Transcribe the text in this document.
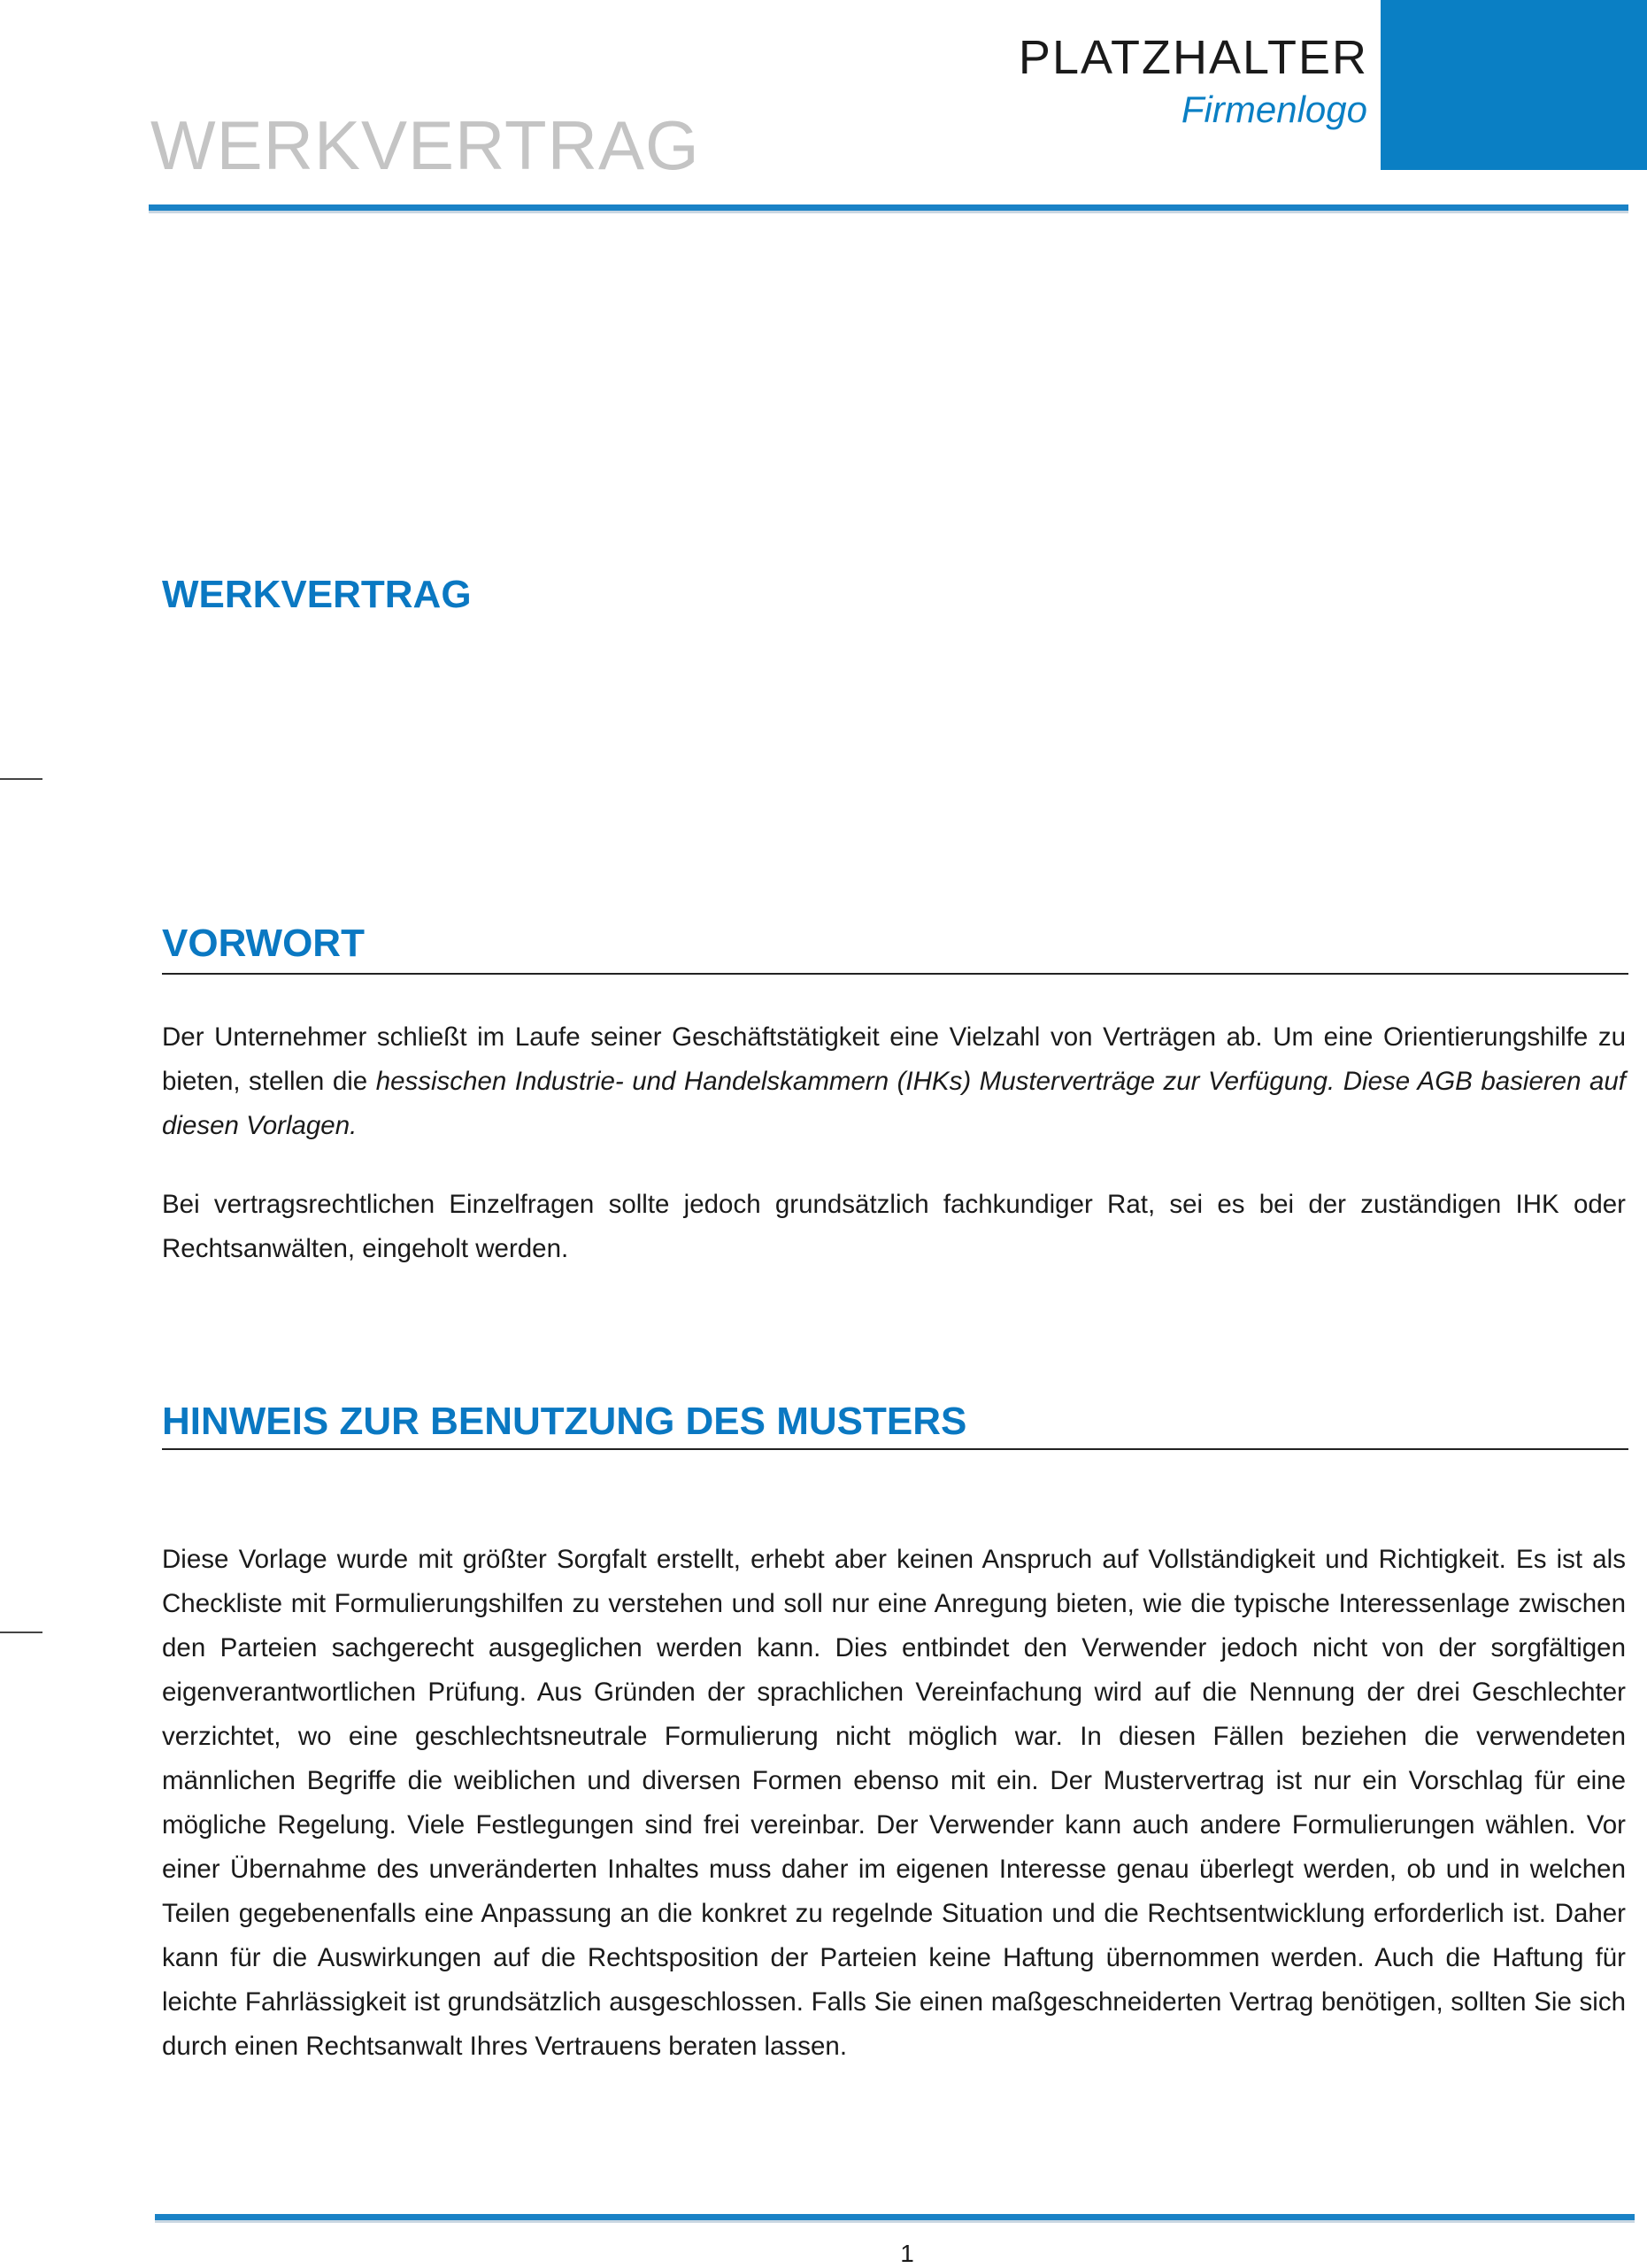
WERKVERTRAG
PLATZHALTER
Firmenlogo
WERKVERTRAG
VORWORT

Der Unternehmer schließt im Laufe seiner Geschäftstätigkeit eine Vielzahl von Verträgen ab. Um eine Orientierungshilfe zu bieten, stellen die hessischen Industrie- und Handelskammern (IHKs) Musterverträge zur Verfügung. Diese AGB basieren auf diesen Vorlagen.

Bei vertragsrechtlichen Einzelfragen sollte jedoch grundsätzlich fachkundiger Rat, sei es bei der zuständigen IHK oder Rechtsanwälten, eingeholt werden.

HINWEIS ZUR BENUTZUNG DES MUSTERS

Diese Vorlage wurde mit größter Sorgfalt erstellt, erhebt aber keinen Anspruch auf Vollständigkeit und Richtigkeit. Es ist als Checkliste mit Formulierungshilfen zu verstehen und soll nur eine Anregung bieten, wie die typische Interessenlage zwischen den Parteien sachgerecht ausgeglichen werden kann. Dies entbindet den Verwender jedoch nicht von der sorgfältigen eigenverantwortlichen Prüfung. Aus Gründen der sprachlichen Vereinfachung wird auf die Nennung der drei Geschlechter verzichtet, wo eine geschlechtsneutrale Formulierung nicht möglich war. In diesen Fällen beziehen die verwendeten männlichen Begriffe die weiblichen und diversen Formen ebenso mit ein. Der Mustervertrag ist nur ein Vorschlag für eine mögliche Regelung. Viele Festlegungen sind frei vereinbar. Der Verwender kann auch andere Formulierungen wählen. Vor einer Übernahme des unveränderten Inhaltes muss daher im eigenen Interesse genau überlegt werden, ob und in welchen Teilen gegebenenfalls eine Anpassung an die konkret zu regelnde Situation und die Rechtsentwicklung erforderlich ist. Daher kann für die Auswirkungen auf die Rechtsposition der Parteien keine Haftung übernommen werden. Auch die Haftung für leichte Fahrlässigkeit ist grundsätzlich ausgeschlossen. Falls Sie einen maßgeschneiderten Vertrag benötigen, sollten Sie sich durch einen Rechtsanwalt Ihres Vertrauens beraten lassen.

1
